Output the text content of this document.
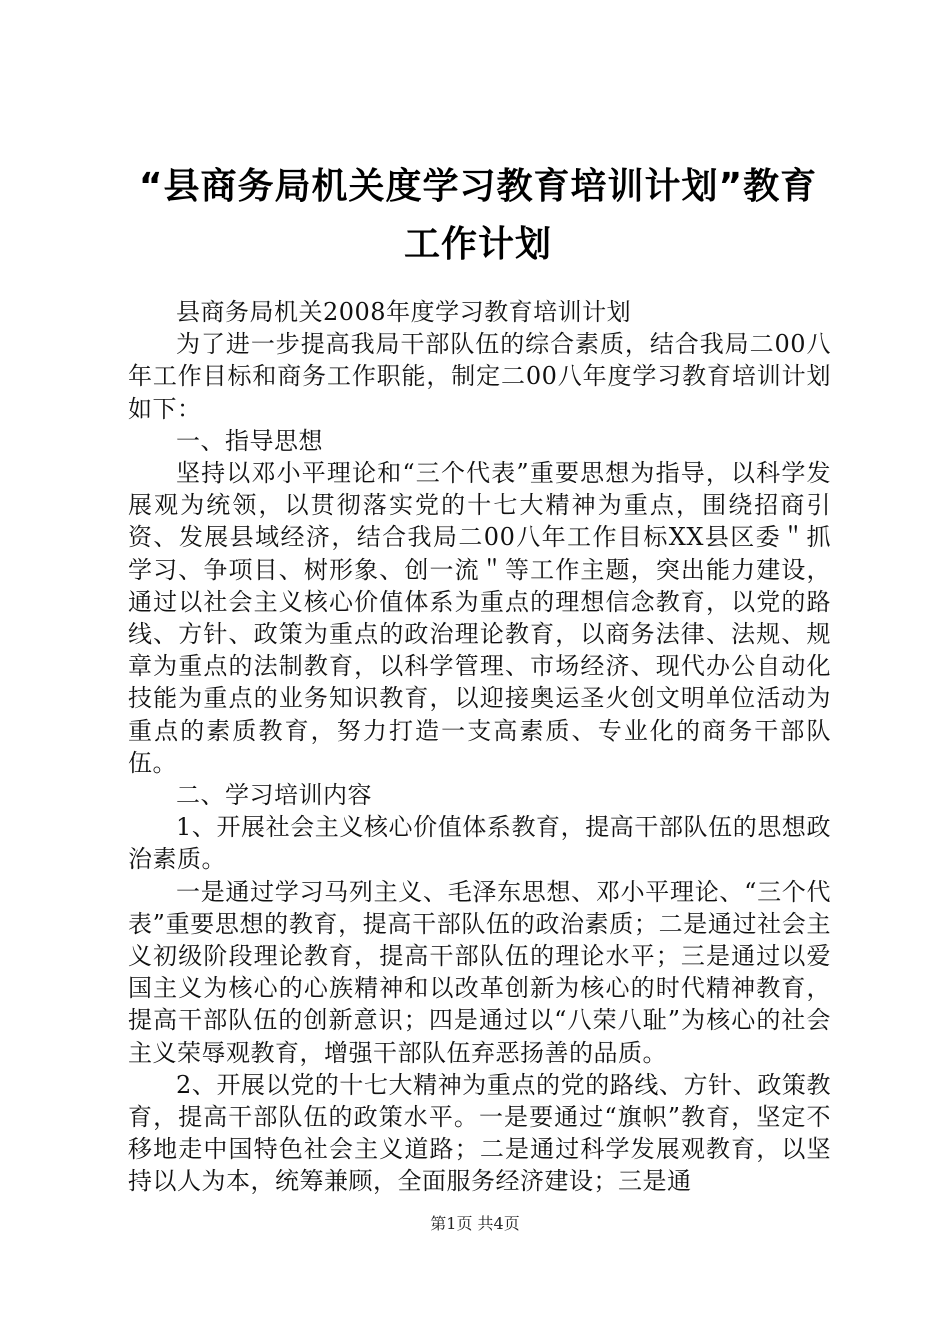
“县商务局机关度学习教育培训计划”教育工作计划

县商务局机关2008年度学习教育培训计划

为了进一步提高我局干部队伍的综合素质，结合我局二00八年工作目标和商务工作职能，制定二00八年度学习教育培训计划如下：

一、指导思想

坚持以邓小平理论和“三个代表”重要思想为指导，以科学发展观为统领，以贯彻落实党的十七大精神为重点，围绕招商引资、发展县域经济，结合我局二00八年工作目标XX县区委＂抓学习、争项目、树形象、创一流＂等工作主题，突出能力建设，通过以社会主义核心价值体系为重点的理想信念教育，以党的路线、方针、政策为重点的政治理论教育，以商务法律、法规、规章为重点的法制教育，以科学管理、市场经济、现代办公自动化技能为重点的业务知识教育，以迎接奥运圣火创文明单位活动为重点的素质教育，努力打造一支高素质、专业化的商务干部队伍。

二、学习培训内容

1、开展社会主义核心价值体系教育，提高干部队伍的思想政治素质。

一是通过学习马列主义、毛泽东思想、邓小平理论、“三个代表”重要思想的教育，提高干部队伍的政治素质；二是通过社会主义初级阶段理论教育，提高干部队伍的理论水平；三是通过以爱国主义为核心的心族精神和以改革创新为核心的时代精神教育，提高干部队伍的创新意识；四是通过以“八荣八耻”为核心的社会主义荣辱观教育，增强干部队伍弃恶扬善的品质。

2、开展以党的十七大精神为重点的党的路线、方针、政策教育，提高干部队伍的政策水平。一是要通过“旗帜”教育，坚定不移地走中国特色社会主义道路；二是通过科学发展观教育，以坚持以人为本，统筹兼顾，全面服务经济建设；三是通

第1页 共4页
